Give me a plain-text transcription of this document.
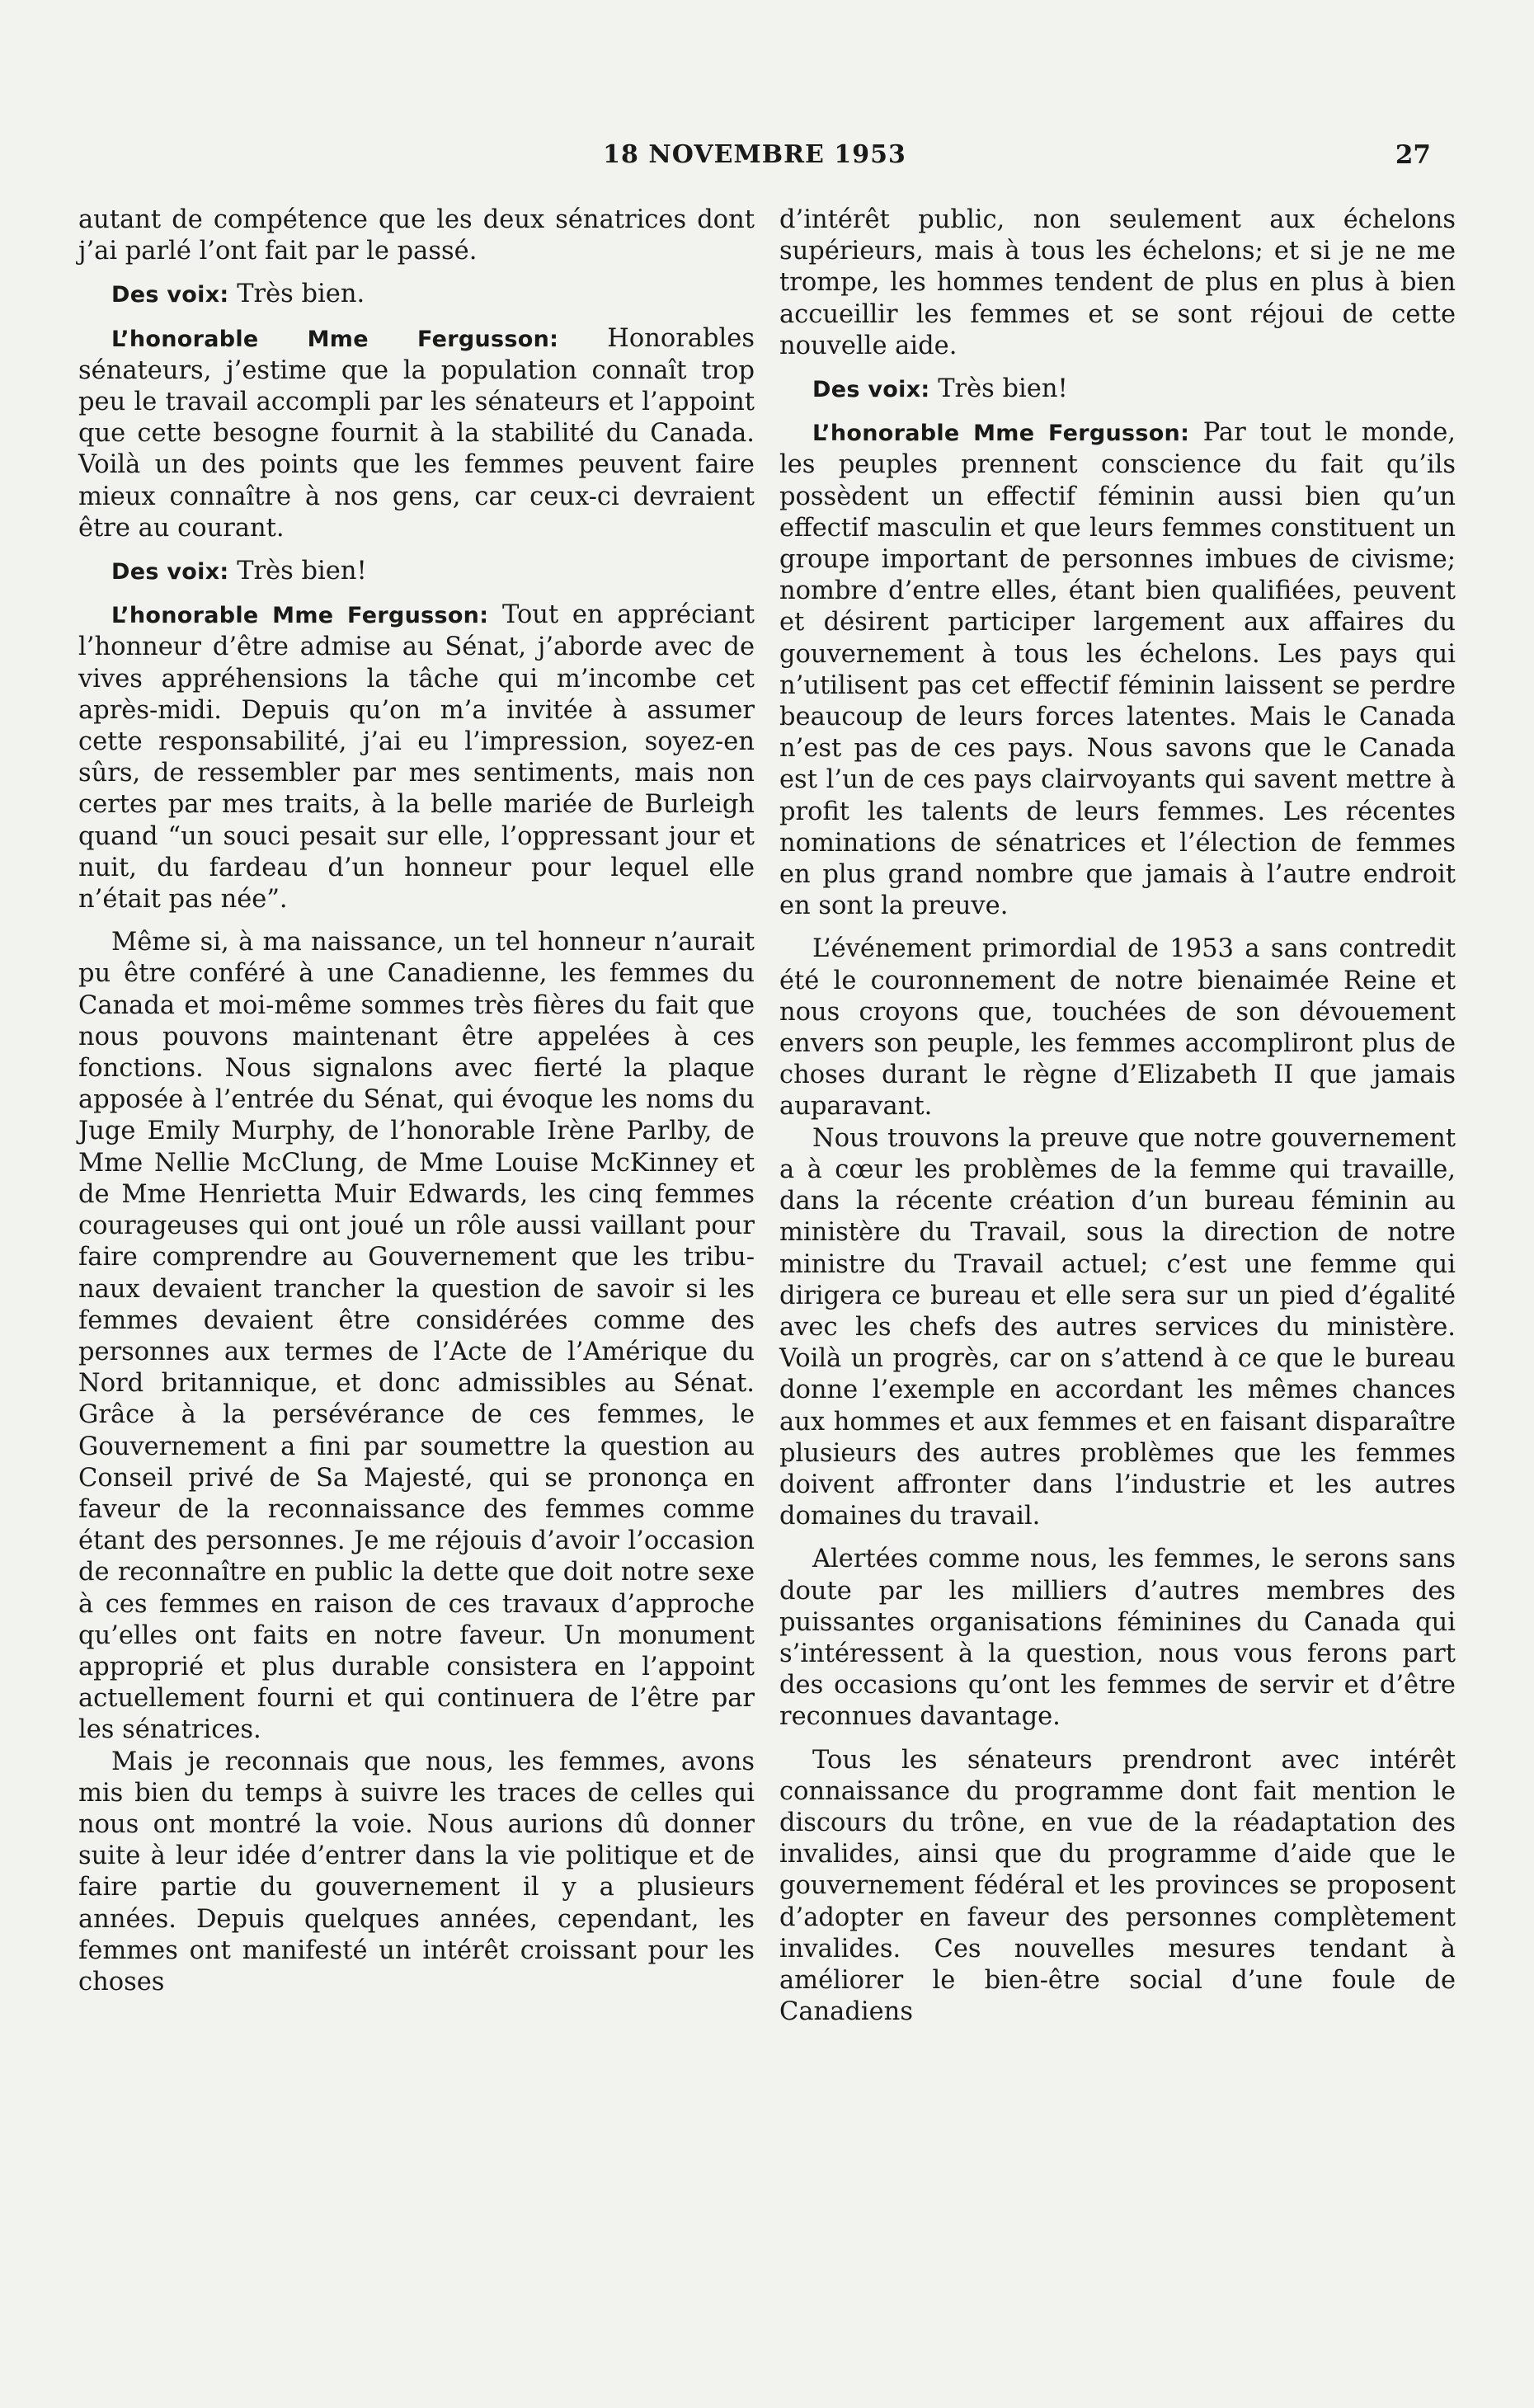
18 NOVEMBRE 1953	27

autant de compétence que les deux sénatrices dont j’ai parlé l’ont fait par le passé.

Des voix: Très bien.

L’honorable Mme Fergusson: Honorables sénateurs, j’estime que la population connaît trop peu le travail accompli par les sénateurs et l’appoint que cette besogne fournit à la stabilité du Canada. Voilà un des points que les femmes peuvent faire mieux connaître à nos gens, car ceux-ci devraient être au courant.

Des voix: Très bien!

L’honorable Mme Fergusson: Tout en appréciant l’honneur d’être admise au Sénat, j’aborde avec de vives appréhensions la tâche qui m’incombe cet après-midi. Depuis qu’on m’a invitée à assumer cette responsabilité, j’ai eu l’impression, soyez-en sûrs, de ressembler par mes sentiments, mais non certes par mes traits, à la belle mariée de Burleigh quand “un souci pesait sur elle, l’oppressant jour et nuit, du fardeau d’un honneur pour lequel elle n’était pas née”.

Même si, à ma naissance, un tel honneur n’aurait pu être conféré à une Canadienne, les femmes du Canada et moi-même sommes très fières du fait que nous pouvons maintenant être appelées à ces fonctions. Nous signalons avec fierté la plaque apposée à l’entrée du Sénat, qui évoque les noms du Juge Emily Murphy, de l’honorable Irène Parlby, de Mme Nellie McClung, de Mme Louise McKinney et de Mme Henrietta Muir Edwards, les cinq femmes courageuses qui ont joué un rôle aussi vaillant pour faire comprendre au Gouvernement que les tribunaux devaient trancher la question de savoir si les femmes devaient être considérées comme des personnes aux termes de l’Acte de l’Amérique du Nord britannique, et donc admissibles au Sénat. Grâce à la persévérance de ces femmes, le Gouvernement a fini par soumettre la question au Conseil privé de Sa Majesté, qui se prononça en faveur de la reconnaissance des femmes comme étant des personnes. Je me réjouis d’avoir l’occasion de reconnaître en public la dette que doit notre sexe à ces femmes en raison de ces travaux d’approche qu’elles ont faits en notre faveur. Un monument approprié et plus durable consistera en l’appoint actuellement fourni et qui continuera de l’être par les sénatrices.

Mais je reconnais que nous, les femmes, avons mis bien du temps à suivre les traces de celles qui nous ont montré la voie. Nous aurions dû donner suite à leur idée d’entrer dans la vie politique et de faire partie du gouvernement il y a plusieurs années. Depuis quelques années, cependant, les femmes ont manifesté un intérêt croissant pour les choses

d’intérêt public, non seulement aux échelons supérieurs, mais à tous les échelons; et si je ne me trompe, les hommes tendent de plus en plus à bien accueillir les femmes et se sont réjoui de cette nouvelle aide.

Des voix: Très bien!

L’honorable Mme Fergusson: Par tout le monde, les peuples prennent conscience du fait qu’ils possèdent un effectif féminin aussi bien qu’un effectif masculin et que leurs femmes constituent un groupe important de personnes imbues de civisme; nombre d’entre elles, étant bien qualifiées, peuvent et désirent participer largement aux affaires du gouvernement à tous les échelons. Les pays qui n’utilisent pas cet effectif féminin laissent se perdre beaucoup de leurs forces latentes. Mais le Canada n’est pas de ces pays. Nous savons que le Canada est l’un de ces pays clairvoyants qui savent mettre à profit les talents de leurs femmes. Les récentes nominations de sénatrices et l’élection de femmes en plus grand nombre que jamais à l’autre endroit en sont la preuve.

L’événement primordial de 1953 a sans contredit été le couronnement de notre bienaimée Reine et nous croyons que, touchées de son dévouement envers son peuple, les femmes accompliront plus de choses durant le règne d’Elizabeth II que jamais auparavant.

Nous trouvons la preuve que notre gouvernement a à cœur les problèmes de la femme qui travaille, dans la récente création d’un bureau féminin au ministère du Travail, sous la direction de notre ministre du Travail actuel; c’est une femme qui dirigera ce bureau et elle sera sur un pied d’égalité avec les chefs des autres services du ministère. Voilà un progrès, car on s’attend à ce que le bureau donne l’exemple en accordant les mêmes chances aux hommes et aux femmes et en faisant disparaître plusieurs des autres problèmes que les femmes doivent affronter dans l’industrie et les autres domaines du travail.

Alertées comme nous, les femmes, le serons sans doute par les milliers d’autres membres des puissantes organisations féminines du Canada qui s’intéressent à la question, nous vous ferons part des occasions qu’ont les femmes de servir et d’être reconnues davantage.

Tous les sénateurs prendront avec intérêt connaissance du programme dont fait mention le discours du trône, en vue de la réadaptation des invalides, ainsi que du programme d’aide que le gouvernement fédéral et les provinces se proposent d’adopter en faveur des personnes complètement invalides. Ces nouvelles mesures tendant à améliorer le bien-être social d’une foule de Canadiens
